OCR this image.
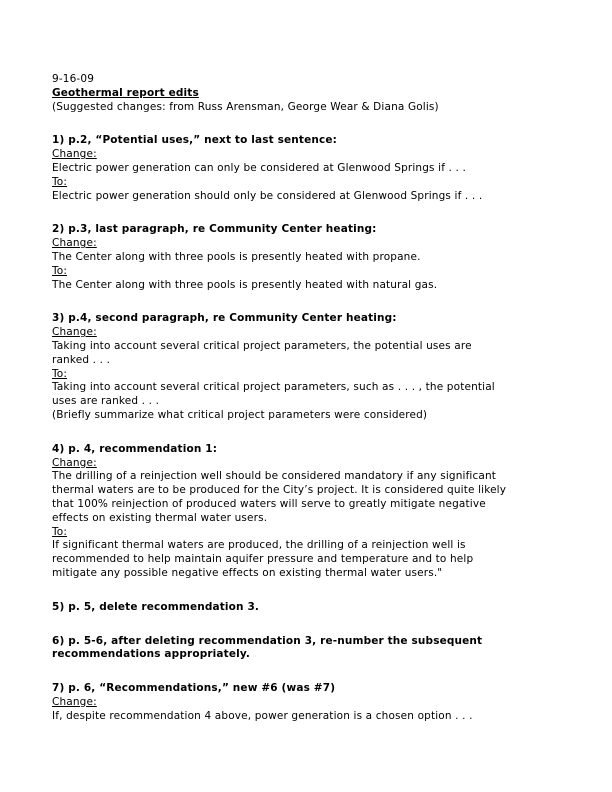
9-16-09
Geothermal report edits
(Suggested changes: from Russ Arensman, George Wear & Diana Golis)
1) p.2, “Potential uses,” next to last sentence:
Change:
Electric power generation can only be considered at Glenwood Springs if . . .
To:
Electric power generation should only be considered at Glenwood Springs if . . .
2) p.3, last paragraph, re Community Center heating:
Change:
The Center along with three pools is presently heated with propane.
To:
The Center along with three pools is presently heated with natural gas.
3) p.4, second paragraph, re Community Center heating:
Change:
Taking into account several critical project parameters, the potential uses are
ranked . . .
To:
Taking into account several critical project parameters, such as . . . , the potential
uses are ranked . . .
(Briefly summarize what critical project parameters were considered)
4) p. 4, recommendation 1:
Change:
The drilling of a reinjection well should be considered mandatory if any significant
thermal waters are to be produced for the City’s project. It is considered quite likely
that 100% reinjection of produced waters will serve to greatly mitigate negative
effects on existing thermal water users.
To:
If significant thermal waters are produced, the drilling of a reinjection well is
recommended to help maintain aquifer pressure and temperature and to help
mitigate any possible negative effects on existing thermal water users."
5) p. 5, delete recommendation 3.
6) p. 5-6, after deleting recommendation 3, re-number the subsequent
recommendations appropriately.
7) p. 6, “Recommendations,” new #6 (was #7)
Change:
If, despite recommendation 4 above, power generation is a chosen option . . .
